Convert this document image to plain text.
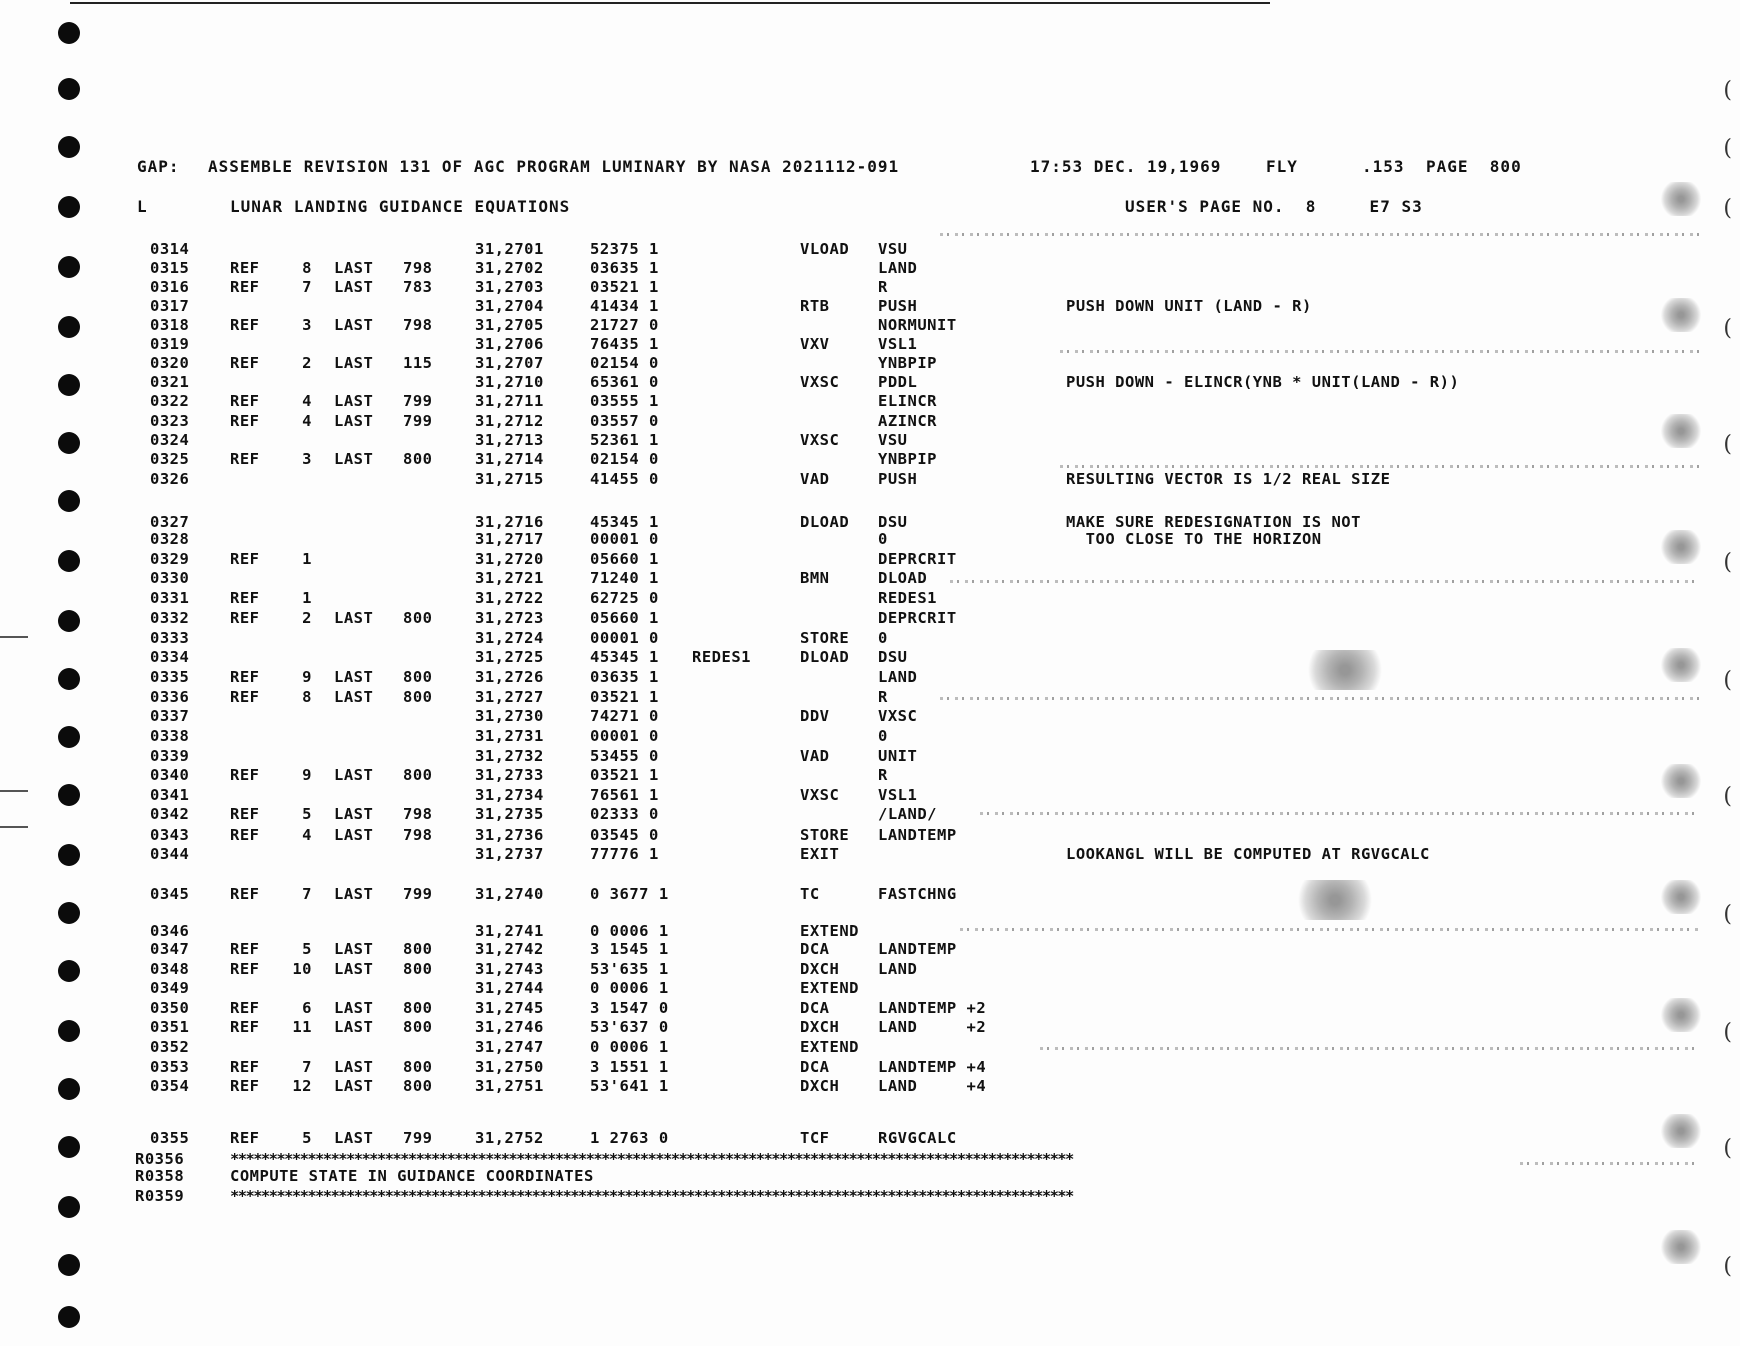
(
(
(
(
(
(
(
(
(
(
(
(
GAP: ASSEMBLE REVISION 131 OF AGC PROGRAM LUMINARY BY NASA 2021112-091	17:53 DEC. 19,1969	FLY	.153 PAGE  800
L	LUNAR LANDING GUIDANCE EQUATIONS	USER'S PAGE NO.  8     E7 S3
0314	31,2701	52375 1	VLOAD VSU
0315	REF	8 LAST 798	31,2702	03635 1	LAND
0316	REF	7 LAST 783	31,2703	03521 1	R
0317	31,2704	41434 1	RTB	PUSH	PUSH DOWN UNIT (LAND - R)
0318	REF	3 LAST 798	31,2705	21727 0	NORMUNIT
0319	31,2706	76435 1	VXV	VSL1
0320	REF	2 LAST 115	31,2707	02154 0	YNBPIP
0321	31,2710	65361 0	VXSC PDDL	PUSH DOWN - ELINCR(YNB * UNIT(LAND - R))
0322	REF	4 LAST 799	31,2711	03555 1	ELINCR
0323	REF	4 LAST 799	31,2712	03557 0	AZINCR
0324	31,2713	52361 1	VXSC VSU
0325	REF	3 LAST 800	31,2714	02154 0	YNBPIP
0326	31,2715	41455 0	VAD	PUSH	RESULTING VECTOR IS 1/2 REAL SIZE
0327	31,2716	45345 1	DLOAD DSU	MAKE SURE REDESIGNATION IS NOT
0328	31,2717	00001 0	0	TOO CLOSE TO THE HORIZON
0329	REF	1	31,2720	05660 1	DEPRCRIT
0330	31,2721	71240 1	BMN	DLOAD
0331	REF	1	31,2722	62725 0	REDES1
0332	REF	2 LAST 800	31,2723	05660 1	DEPRCRIT
0333	31,2724	00001 0	STORE 0
0334	31,2725	45345 1 REDES1	DLOAD DSU
0335	REF	9 LAST 800	31,2726	03635 1	LAND
0336	REF	8 LAST 800	31,2727	03521 1	R
0337	31,2730	74271 0	DDV	VXSC
0338	31,2731	00001 0	0
0339	31,2732	53455 0	VAD	UNIT
0340	REF	9 LAST 800	31,2733	03521 1	R
0341	31,2734	76561 1	VXSC VSL1
0342	REF	5 LAST 798	31,2735	02333 0	/LAND/
0343	REF	4 LAST 798	31,2736	03545 0	STORE LANDTEMP
0344	31,2737	77776 1	EXIT	LOOKANGL WILL BE COMPUTED AT RGVGCALC
0345	REF	7 LAST 799	31,2740	0 3677 1	TC	FASTCHNG
0346	31,2741	0 0006 1	EXTEND
0347	REF	5 LAST 800	31,2742	3 1545 1	DCA	LANDTEMP
0348	REF	10 LAST 800	31,2743	53'635 1	DXCH LAND
0349	31,2744	0 0006 1	EXTEND
0350	REF	6 LAST 800	31,2745	3 1547 0	DCA	LANDTEMP +2
0351	REF	11 LAST 800	31,2746	53'637 0	DXCH LAND     +2
0352	31,2747	0 0006 1	EXTEND
0353	REF	7 LAST 800	31,2750	3 1551 1	DCA	LANDTEMP +4
0354	REF	12 LAST 800	31,2751	53'641 1	DXCH LAND     +4
0355	REF	5 LAST 799	31,2752	1 2763 0	TCF	RGVGCALC
R0356	*************************************************************************************************************
R0358	COMPUTE STATE IN GUIDANCE COORDINATES
R0359	*************************************************************************************************************
